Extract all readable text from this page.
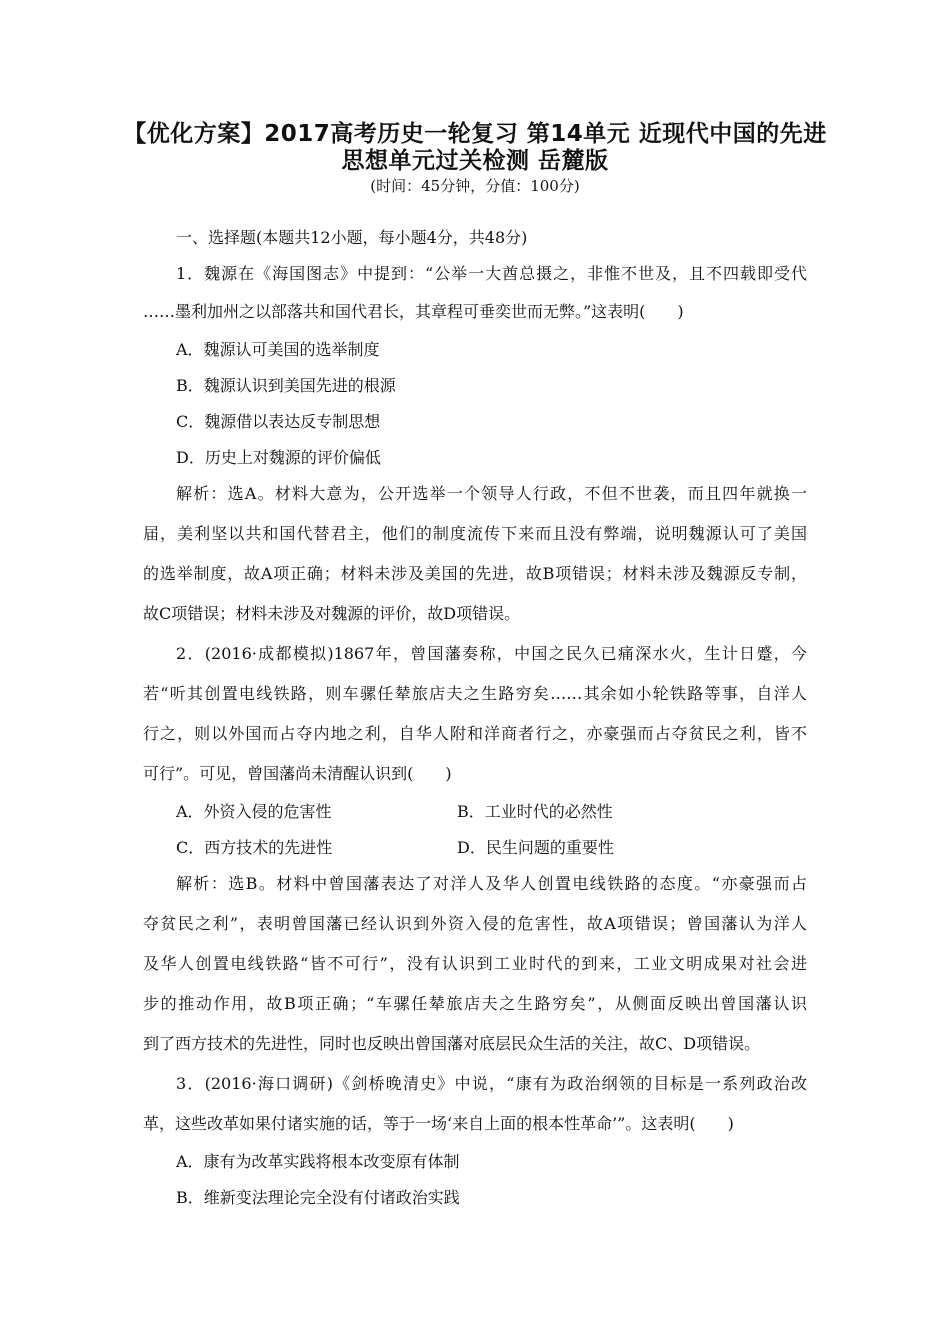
【优化方案】2017高考历史一轮复习 第14单元 近现代中国的先进
思想单元过关检测 岳麓版
(时间：45分钟，分值：100分)
一、选择题(本题共12小题，每小题4分，共48分)
1．魏源在《海国图志》中提到：“公举一大酋总摄之，非惟不世及，且不四载即受代
……墨利加州之以部落共和国代君长，其章程可垂奕世而无弊。”这表明(　　)
A．魏源认可美国的选举制度
B．魏源认识到美国先进的根源
C．魏源借以表达反专制思想
D．历史上对魏源的评价偏低
解析：选A。材料大意为，公开选举一个领导人行政，不但不世袭，而且四年就换一
届，美利坚以共和国代替君主，他们的制度流传下来而且没有弊端，说明魏源认可了美国
的选举制度，故A项正确；材料未涉及美国的先进，故B项错误；材料未涉及魏源反专制，
故C项错误；材料未涉及对魏源的评价，故D项错误。
2．(2016·成都模拟)1867年，曾国藩奏称，中国之民久已痛深水火，生计日蹙，今
若“听其创置电线铁路，则车骡任辇旅店夫之生路穷矣……其余如小轮铁路等事，自洋人
行之，则以外国而占夺内地之利，自华人附和洋商者行之，亦豪强而占夺贫民之利，皆不
可行”。可见，曾国藩尚未清醒认识到(　　)
A．外资入侵的危害性	B．工业时代的必然性
C．西方技术的先进性	D．民生问题的重要性
解析：选B。材料中曾国藩表达了对洋人及华人创置电线铁路的态度。“亦豪强而占
夺贫民之利”，表明曾国藩已经认识到外资入侵的危害性，故A项错误；曾国藩认为洋人
及华人创置电线铁路“皆不可行”，没有认识到工业时代的到来，工业文明成果对社会进
步的推动作用，故B项正确；“车骡任辇旅店夫之生路穷矣”，从侧面反映出曾国藩认识
到了西方技术的先进性，同时也反映出曾国藩对底层民众生活的关注，故C、D项错误。
3．(2016·海口调研)《剑桥晚清史》中说，“康有为政治纲领的目标是一系列政治改
革，这些改革如果付诸实施的话，等于一场‘来自上面的根本性革命’”。这表明(　　)
A．康有为改革实践将根本改变原有体制
B．维新变法理论完全没有付诸政治实践
